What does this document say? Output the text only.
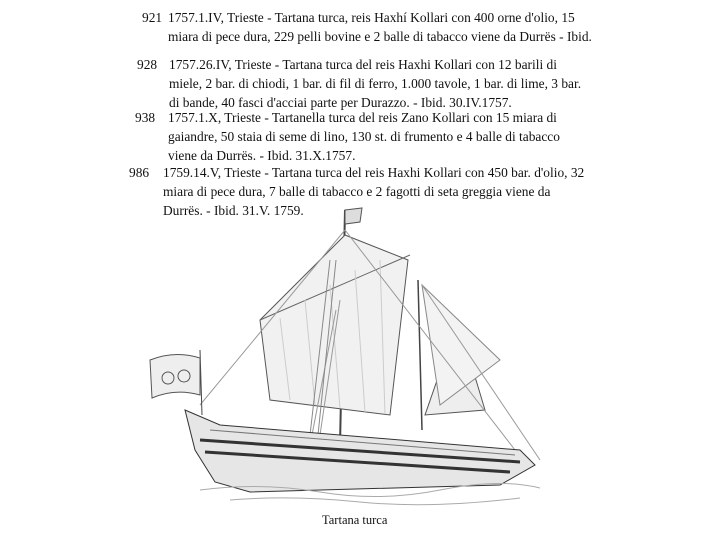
921 1757.1.IV, Trieste - Tartana turca, reis Haxhí Kollari con 400 orne d'olio, 15 miara di pece dura, 229 pelli bovine e 2 balle di tabacco viene da Durrës - Ibid.
928 1757.26.IV, Trieste - Tartana turca del reis Haxhi Kollari con 12 barili di miele, 2 bar. di chiodi, 1 bar. di fil di ferro, 1.000 tavole, 1 bar. di lime, 3 bar. di bande, 40 fasci d'acciai parte per Durazzo. - Ibid. 30.IV.1757.
938 1757.1.X, Trieste - Tartanella turca del reis Zano Kollari con 15 miara di gaiandre, 50 staia di seme di lino, 130 st. di frumento e 4 balle di tabacco viene da Durrës. - Ibid. 31.X.1757.
986 1759.14.V, Trieste - Tartana turca del reis Haxhi Kollari con 450 bar. d'olio, 32 miara di pece dura, 7 balle di tabacco e 2 fagotti di seta greggia viene da Durrës. - Ibid. 31.V. 1759.
Tartana turca
